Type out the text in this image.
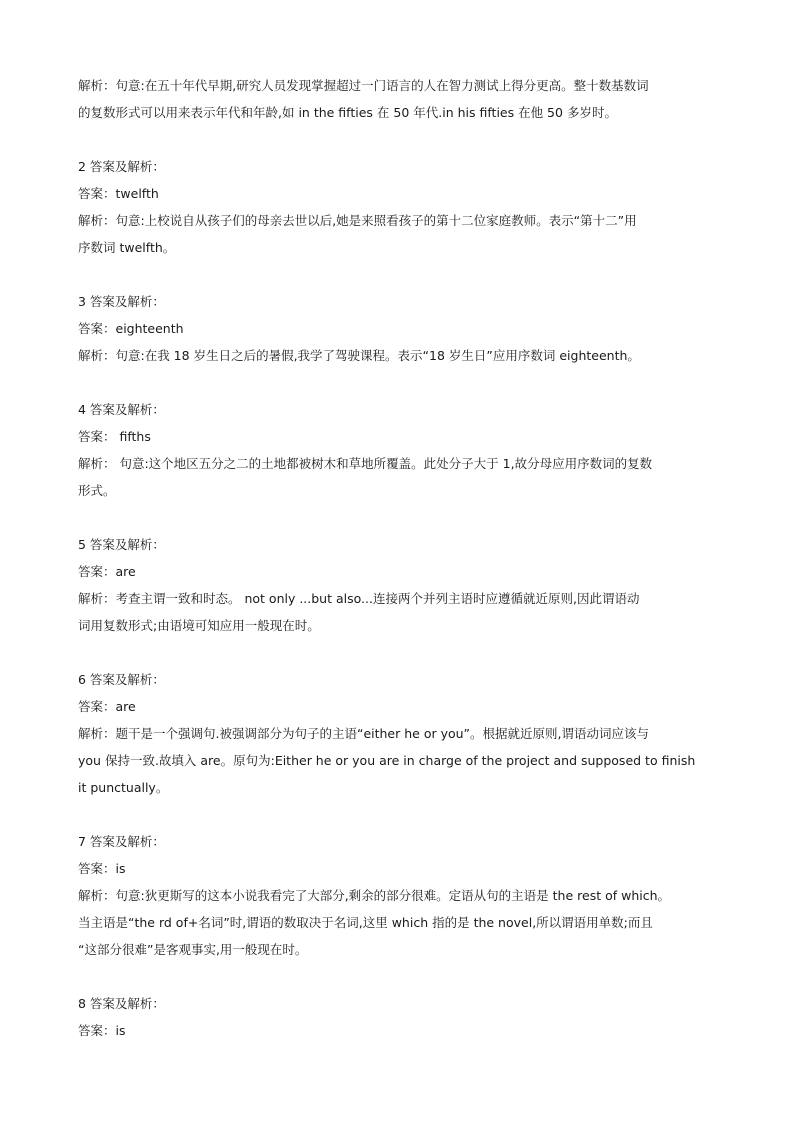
解析：句意:在五十年代早期,研究人员发现掌握超过一门语言的人在智力测试上得分更高。整十数基数词
的复数形式可以用来表示年代和年龄,如 in the fifties 在 50 年代.in his fifties 在他 50 多岁时。
2 答案及解析：
答案：twelfth
解析：句意:上校说自从孩子们的母亲去世以后,她是来照看孩子的第十二位家庭教师。表示“第十二”用
序数词 twelfth。
3 答案及解析：
答案：eighteenth
解析：句意:在我 18 岁生日之后的暑假,我学了驾驶课程。表示“18 岁生日”应用序数词 eighteenth。
4 答案及解析：
答案： fifths
解析： 句意:这个地区五分之二的土地都被树木和草地所覆盖。此处分子大于 1,故分母应用序数词的复数
形式。
5 答案及解析：
答案：are
解析：考查主谓一致和时态。 not only ...but also...连接两个并列主语时应遵循就近原则,因此谓语动
词用复数形式;由语境可知应用一般现在时。
6 答案及解析：
答案：are
解析：题干是一个强调句.被强调部分为句子的主语“either he or you”。根据就近原则,谓语动词应该与
you 保持一致.故填入 are。原句为:Either he or you are in charge of the project and supposed to finish
it punctually。
7 答案及解析：
答案：is
解析：句意:狄更斯写的这本小说我看完了大部分,剩余的部分很难。定语从句的主语是 the rest of which。
当主语是“the rd of+名词”时,谓语的数取决于名词,这里 which 指的是 the novel,所以谓语用单数;而且
“这部分很难”是客观事实,用一般现在时。
8 答案及解析：
答案：is
